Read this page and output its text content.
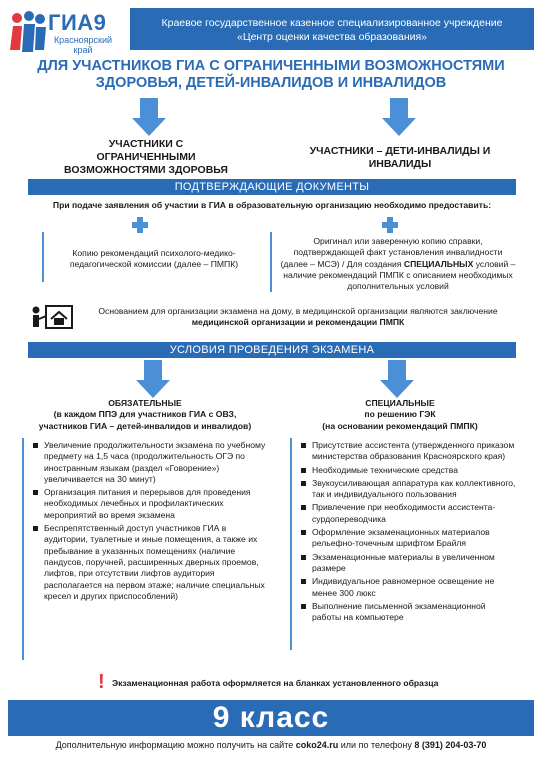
ГИА9
Красноярский край
Краевое государственное казенное специализированное учреждение
«Центр оценки качества образования»
ДЛЯ УЧАСТНИКОВ ГИА С ОГРАНИЧЕННЫМИ ВОЗМОЖНОСТЯМИ ЗДОРОВЬЯ, ДЕТЕЙ-ИНВАЛИДОВ И ИНВАЛИДОВ
УЧАСТНИКИ С ОГРАНИЧЕННЫМИ ВОЗМОЖНОСТЯМИ ЗДОРОВЬЯ
УЧАСТНИКИ – ДЕТИ-ИНВАЛИДЫ И ИНВАЛИДЫ
ПОДТВЕРЖДАЮЩИЕ ДОКУМЕНТЫ
При подаче заявления об участии в ГИА в образовательную организацию необходимо предоставить:
Копию рекомендаций психолого-медико-педагогической комиссии (далее – ПМПК)
Оригинал или заверенную копию справки, подтверждающей факт установления инвалидности (далее – МСЭ) / Для создания СПЕЦИАЛЬНЫХ условий – наличие рекомендаций ПМПК с описанием необходимых дополнительных условий
Основанием для организации экзамена на дому, в медицинской организации являются заключение медицинской организации и рекомендации ПМПК
УСЛОВИЯ ПРОВЕДЕНИЯ ЭКЗАМЕНА
ОБЯЗАТЕЛЬНЫЕ
(в каждом ППЭ для участников ГИА с ОВЗ,
участников ГИА – детей-инвалидов и инвалидов)
Увеличение продолжительности экзамена по учебному предмету на 1,5 часа (продолжительность ОГЭ по иностранным языкам (раздел «Говорение») увеличивается на 30 минут)
Организация питания и перерывов для проведения необходимых лечебных и профилактических мероприятий во время экзамена
Беспрепятственный доступ участников ГИА в аудитории, туалетные и иные помещения, а также их пребывание в указанных помещениях (наличие пандусов, поручней, расширенных дверных проемов, лифтов, при отсутствии лифтов аудитория располагается на первом этаже; наличие специальных кресел и других приспособлений)
СПЕЦИАЛЬНЫЕ
по решению ГЭК
(на основании рекомендаций ПМПК)
Присутствие ассистента (утвержденного приказом министерства образования Красноярского края)
Необходимые технические средства
Звукоусиливающая аппаратура как коллективного, так и индивидуального пользования
Привлечение при необходимости ассистента-сурдопереводчика
Оформление экзаменационных материалов рельефно-точечным шрифтом Брайля
Экзаменационные материалы в увеличенном размере
Индивидуальное равномерное освещение не менее 300 люкс
Выполнение письменной экзаменационной работы на компьютере
! Экзаменационная работа оформляется на бланках установленного образца
9 класс
Дополнительную информацию можно получить на сайте coko24.ru или по телефону 8 (391) 204-03-70
